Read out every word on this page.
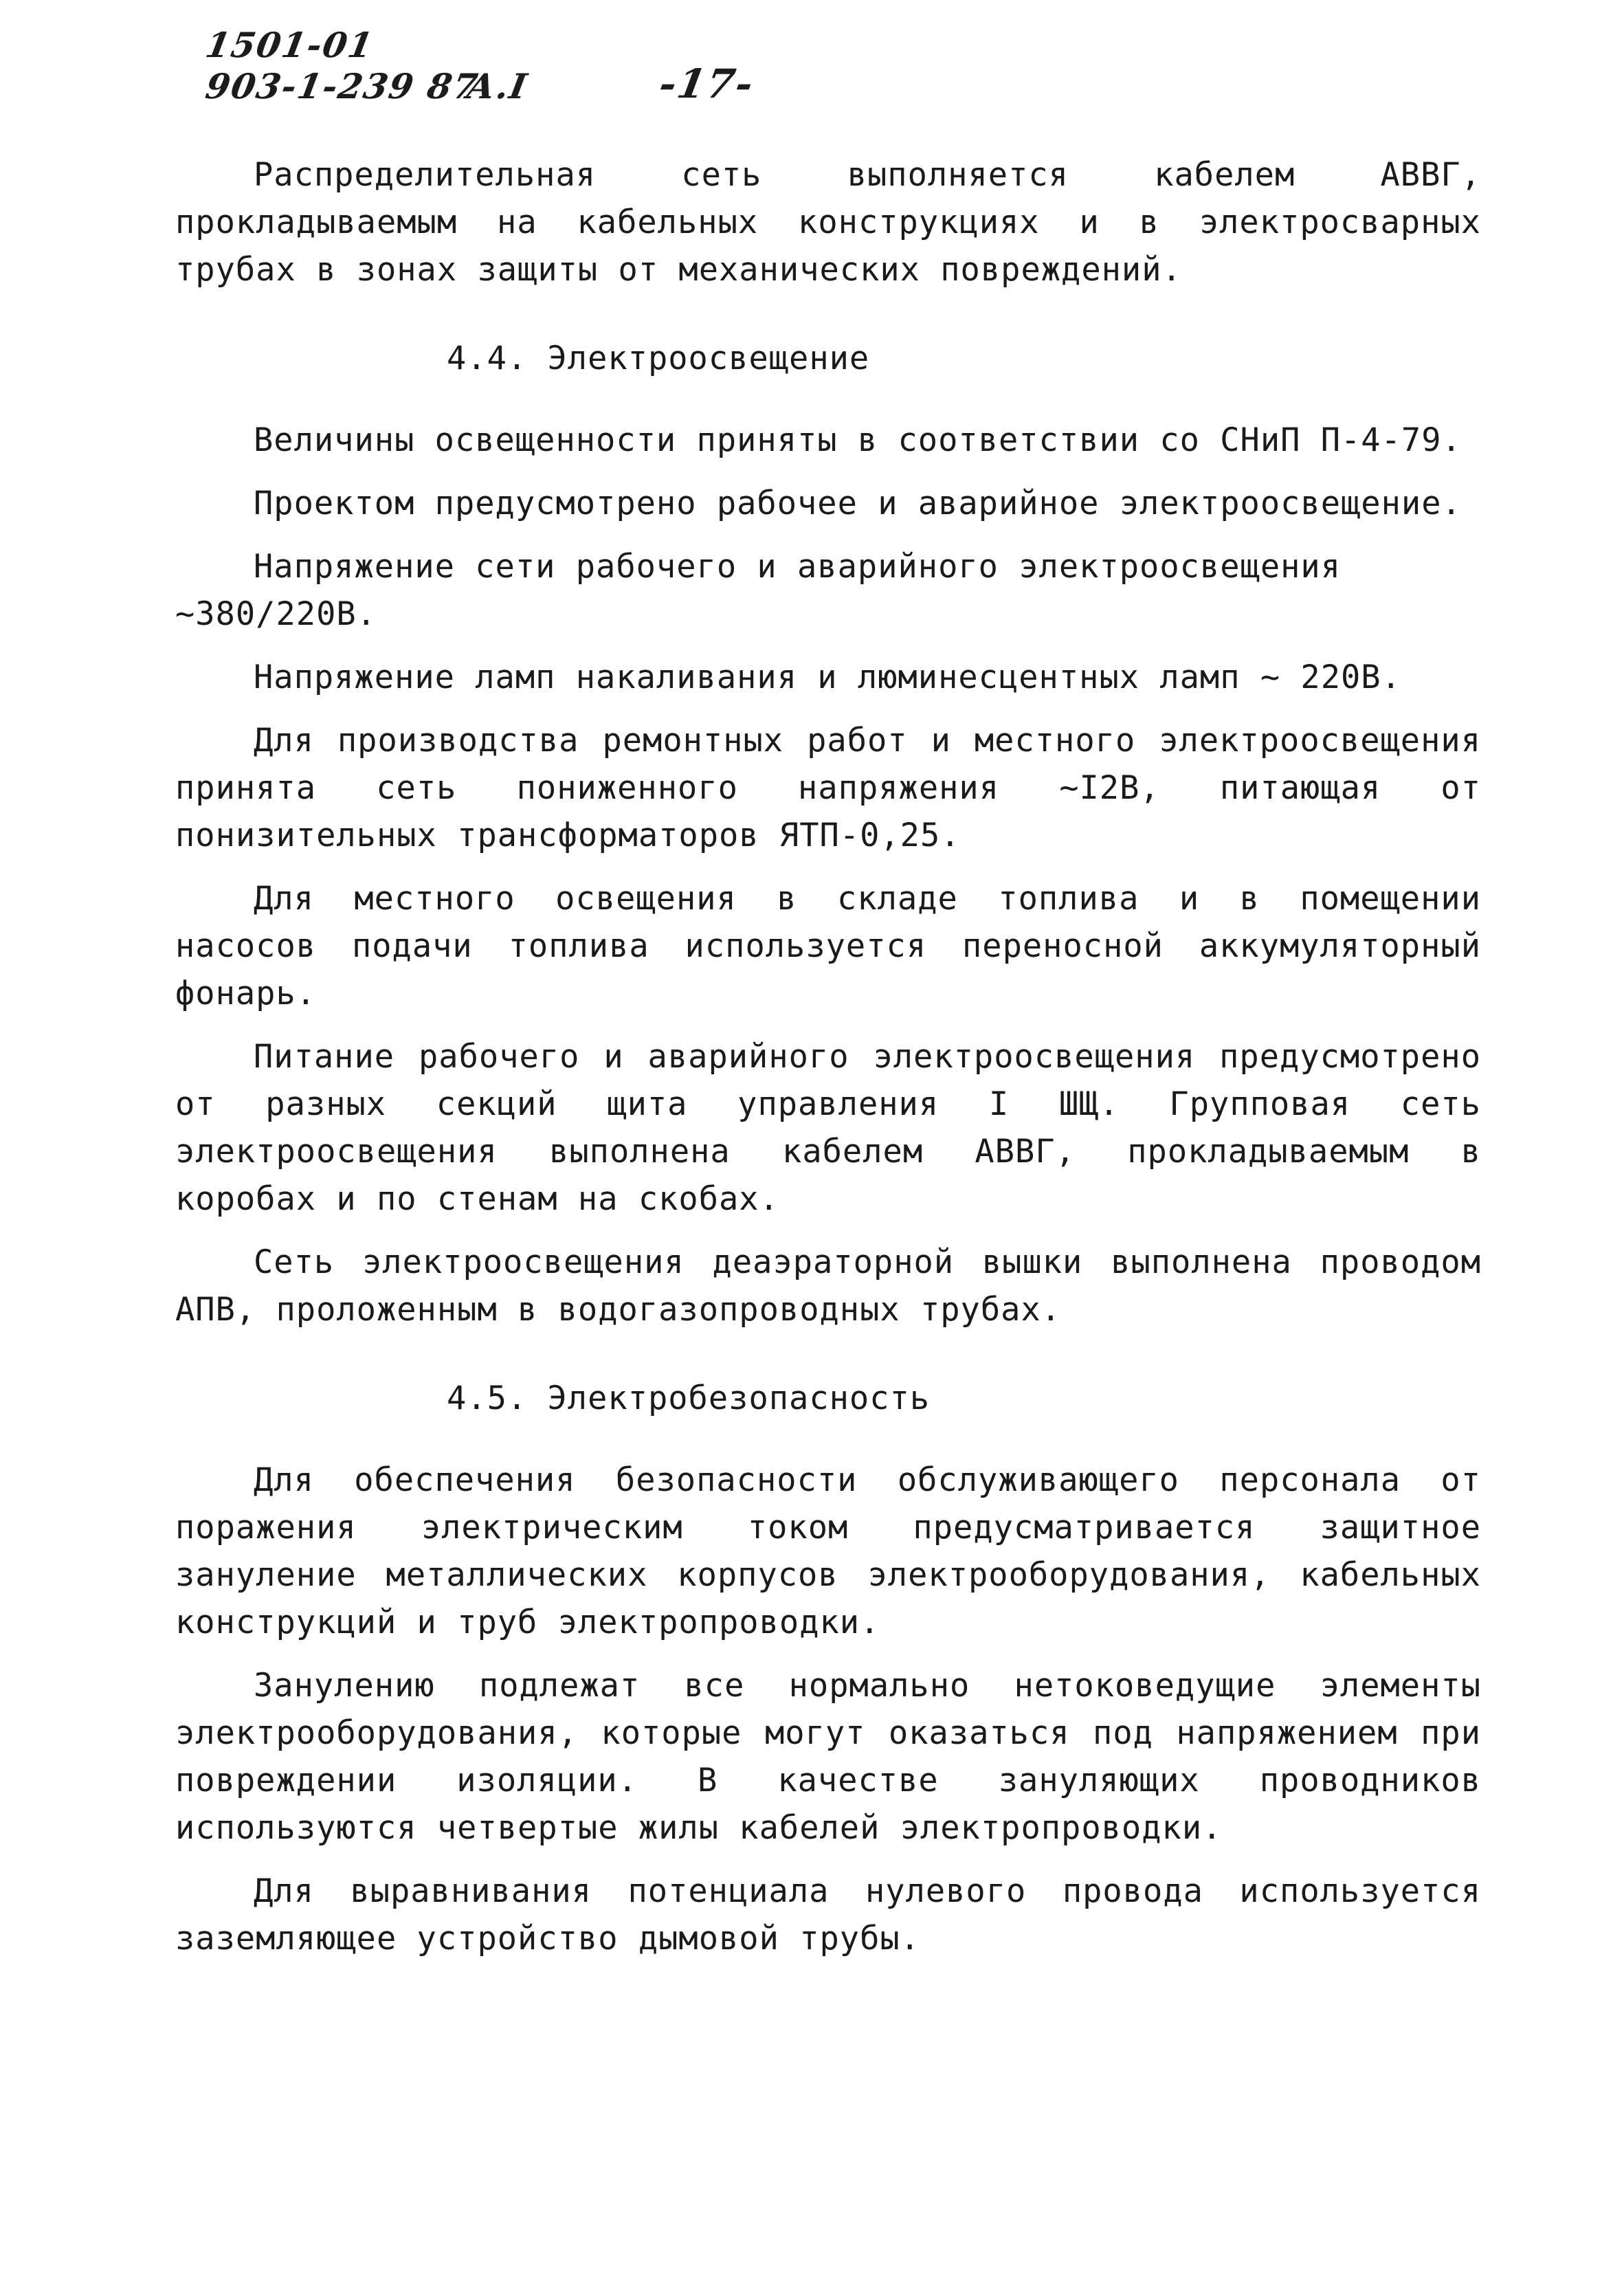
1501-01
903-1-239 87
А.I	-17-

Распределительная сеть выполняется кабелем АВВГ, прокладываемым на кабельных конструкциях и в электросварных трубах в зонах защиты от механических повреждений.

4.4. Электроосвещение

Величины освещенности приняты в соответствии со СНиП П-4-79.

Проектом предусмотрено рабочее и аварийное электроосвещение.

Напряжение сети рабочего и аварийного электроосвещения
~380/220В.

Напряжение ламп накаливания и люминесцентных ламп ~ 220В.

Для производства ремонтных работ и местного электроосвещения принята сеть пониженного напряжения ~I2В, питающая от понизительных трансформаторов ЯТП-0,25.

Для местного освещения в складе топлива и в помещении насосов подачи топлива используется переносной аккумуляторный фонарь.

Питание рабочего и аварийного электроосвещения предусмотрено от разных секций щита управления I ШЩ. Групповая сеть электроосвещения выполнена кабелем АВВГ, прокладываемым в коробах и по стенам на скобах.

Сеть электроосвещения деаэраторной вышки выполнена проводом АПВ, проложенным в водогазопроводных трубах.

4.5. Электробезопасность

Для обеспечения безопасности обслуживающего персонала от поражения электрическим током предусматривается защитное зануление металлических корпусов электрооборудования, кабельных конструкций и труб электропроводки.

Занулению подлежат все нормально нетоковедущие элементы электрооборудования, которые могут оказаться под напряжением при повреждении изоляции. В качестве зануляющих проводников используются четвертые жилы кабелей электропроводки.

Для выравнивания потенциала нулевого провода используется заземляющее устройство дымовой трубы.
